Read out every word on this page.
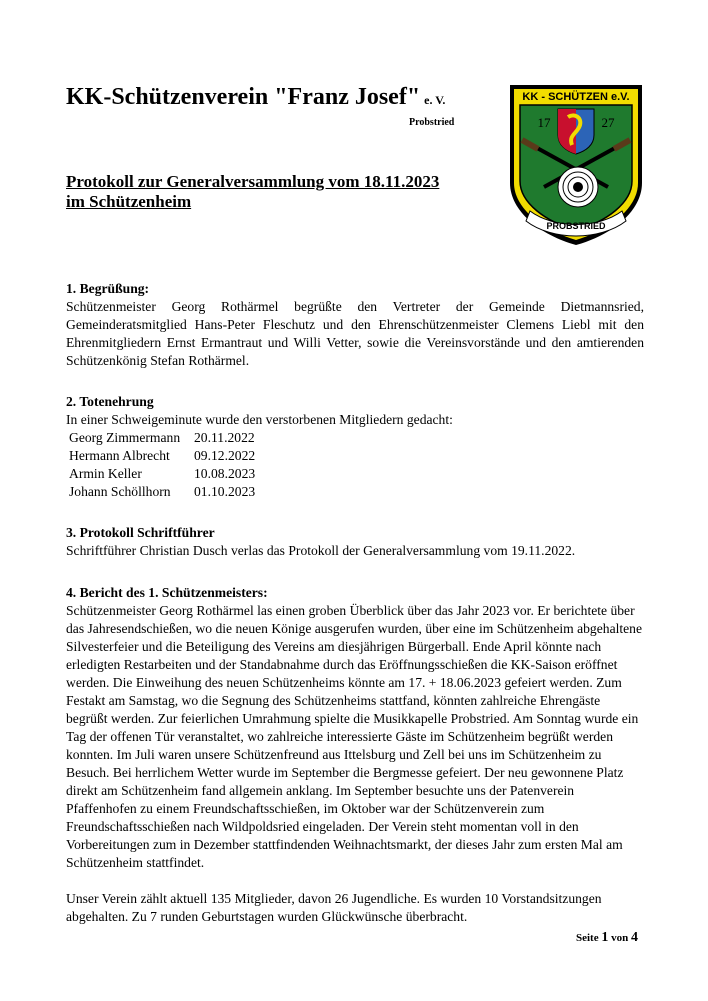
KK-Schützenverein "Franz Josef" e. V.
Probstried
KK - SCHÜTZEN e.V.
17	27
PROBSTRIED
Protokoll zur Generalversammlung vom 18.11.2023
im Schützenheim
1. Begrüßung:

Schützenmeister Georg Rothärmel begrüßte den Vertreter der Gemeinde Dietmannsried, Gemeinderatsmitglied Hans-Peter Fleschutz und den Ehrenschützenmeister Clemens Liebl mit den Ehrenmitgliedern Ernst Ermantraut und Willi Vetter, sowie die Vereinsvorstände und den amtierenden Schützenkönig Stefan Rothärmel.

2. Totenehrung

In einer Schweigeminute wurde den verstorbenen Mitgliedern gedacht:

Georg Zimmermann	20.11.2022
Hermann Albrecht	09.12.2022
Armin Keller	10.08.2023
Johann Schöllhorn	01.10.2023
3. Protokoll Schriftführer

Schriftführer Christian Dusch verlas das Protokoll der Generalversammlung vom 19.11.2022.

4. Bericht des 1. Schützenmeisters:

Schützenmeister Georg Rothärmel las einen groben Überblick über das Jahr 2023 vor. Er berichtete über das Jahresendschießen, wo die neuen Könige ausgerufen wurden, über eine im Schützenheim abgehaltene Silvesterfeier und die Beteiligung des Vereins am diesjährigen Bürgerball. Ende April könnte nach erledigten Restarbeiten und der Standabnahme durch das Eröffnungsschießen die KK-Saison eröffnet werden. Die Einweihung des neuen Schützenheims könnte am 17. + 18.06.2023 gefeiert werden. Zum Festakt am Samstag, wo die Segnung des Schützenheims stattfand, könnten zahlreiche Ehrengäste begrüßt werden. Zur feierlichen Umrahmung spielte die Musikkapelle Probstried. Am Sonntag wurde ein Tag der offenen Tür veranstaltet, wo zahlreiche interessierte Gäste im Schützenheim begrüßt werden konnten. Im Juli waren unsere Schützenfreund aus Ittelsburg und Zell bei uns im Schützenheim zu Besuch. Bei herrlichem Wetter wurde im September die Bergmesse gefeiert. Der neu gewonnene Platz direkt am Schützenheim fand allgemein anklang. Im September besuchte uns der Patenverein Pfaffenhofen zu einem Freundschaftsschießen, im Oktober war der Schützenverein zum Freundschaftsschießen nach Wildpoldsried eingeladen. Der Verein steht momentan voll in den Vorbereitungen zum in Dezember stattfindenden Weihnachtsmarkt, der dieses Jahr zum ersten Mal am Schützenheim stattfindet.

Unser Verein zählt aktuell 135 Mitglieder, davon 26 Jugendliche. Es wurden 10 Vorstandsitzungen abgehalten. Zu 7 runden Geburtstagen wurden Glückwünsche überbracht.

Seite 1 von 4
